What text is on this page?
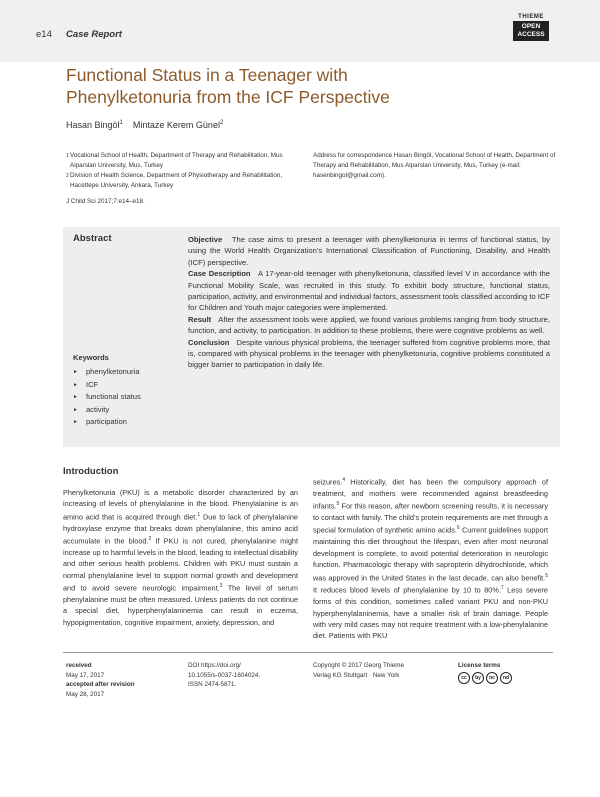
e14 Case Report
THIEME
OPEN
ACCESS
Functional Status in a Teenager with
Phenylketonuria from the ICF Perspective
Hasan Bingöl$^1$ Mintaze Kerem Günel$^2$
1 Vocational School of Health, Department of Therapy and Rehabilitation, Mus Alparslan University, Mus, Turkey
2 Division of Health Science, Department of Physiotherapy and Rehabilitation, Hacettepe University, Ankara, Turkey
Address for correspondence Hasan Bingöl, Vocational School of Health, Department of Therapy and Rehabilitation, Mus Alparslan University, Mus, Turkey (e-mail: hasenbingol@gmail.com).
J Child Sci 2017;7:e14–e18.
Abstract	Objective The case aims to present a teenager with phenylketonuria in terms of functional status, by using the World Health Organization’s International Classification of Functioning, Disability, and Health (ICF) perspective.

Case Description A 17-year-old teenager with phenylketonuria, classified level V in accordance with the Functional Mobility Scale, was recruited in this study. To exhibit body structure, functional status, participation, activity, and environmental and individual factors, assessment tools classified according to ICF for Children and Youth major categories were implemented.

Result After the assessment tools were applied, we found various problems ranging from body structure, function, and activity, to participation. In addition to these problems, there were cognitive problems as well.

Conclusion Despite various physical problems, the teenager suffered from cognitive problems more, that is, compared with physical problems in the teenager with phenylketonuria, cognitive problems constituted a bigger barrier to participation in daily life.

Keywords
► phenylketonuria
► ICF
► functional status
► activity
► participation
Introduction
Phenylketonuria (PKU) is a metabolic disorder characterized by an increasing of levels of phenylalanine in the blood. Phenylalanine is an amino acid that is acquired through diet.$^1$ Due to lack of phenylalanine hydroxylase enzyme that breaks down phenylalanine, this amino acid accumulate in the blood.$^2$ If PKU is not cured, phenylalanine might increase up to harmful levels in the blood, leading to intellectual disability and other serious health problems. Children with PKU must sustain a normal phenylalanine level to support normal growth and development and to avoid severe neurologic impairment.$^3$ The level of serum phenylalanine must be often measured. Unless patients do not continue a special diet, hyperphenylalaninemia can result in eczema, hypopigmentation, cognitive impairment, anxiety, depression, and
seizures.$^4$ Historically, diet has been the compulsory approach of treatment, and mothers were recommended against breastfeeding infants.$^5$ For this reason, after newborn screening results, it is necessary to contact with family. The child’s protein requirements are met through a special formulation of synthetic amino acids.$^6$ Current guidelines support maintaining this diet throughout the lifespan, even after most neuronal development is complete, to avoid potential deterioration in neurologic function. Pharmacologic therapy with sapropterin dihydrochloride, which was approved in the United States in the last decade, can also benefit.$^5$ It reduces blood levels of phenylalanine by 10 to 80%.$^7$ Less severe forms of this condition, sometimes called variant PKU and non-PKU hyperphenylalaninemia, have a smaller risk of brain damage. People with very mild cases may not require treatment with a low-phenylalanine diet. Patients with PKU
received
May 17, 2017
accepted after revision
May 28, 2017
DOI https://doi.org/
10.1055/s-0037-1604024.
ISSN 2474-5871.
Copyright © 2017 Georg Thieme
Verlag KG Stuttgart · New York
License terms
cc	by	nc	nd
